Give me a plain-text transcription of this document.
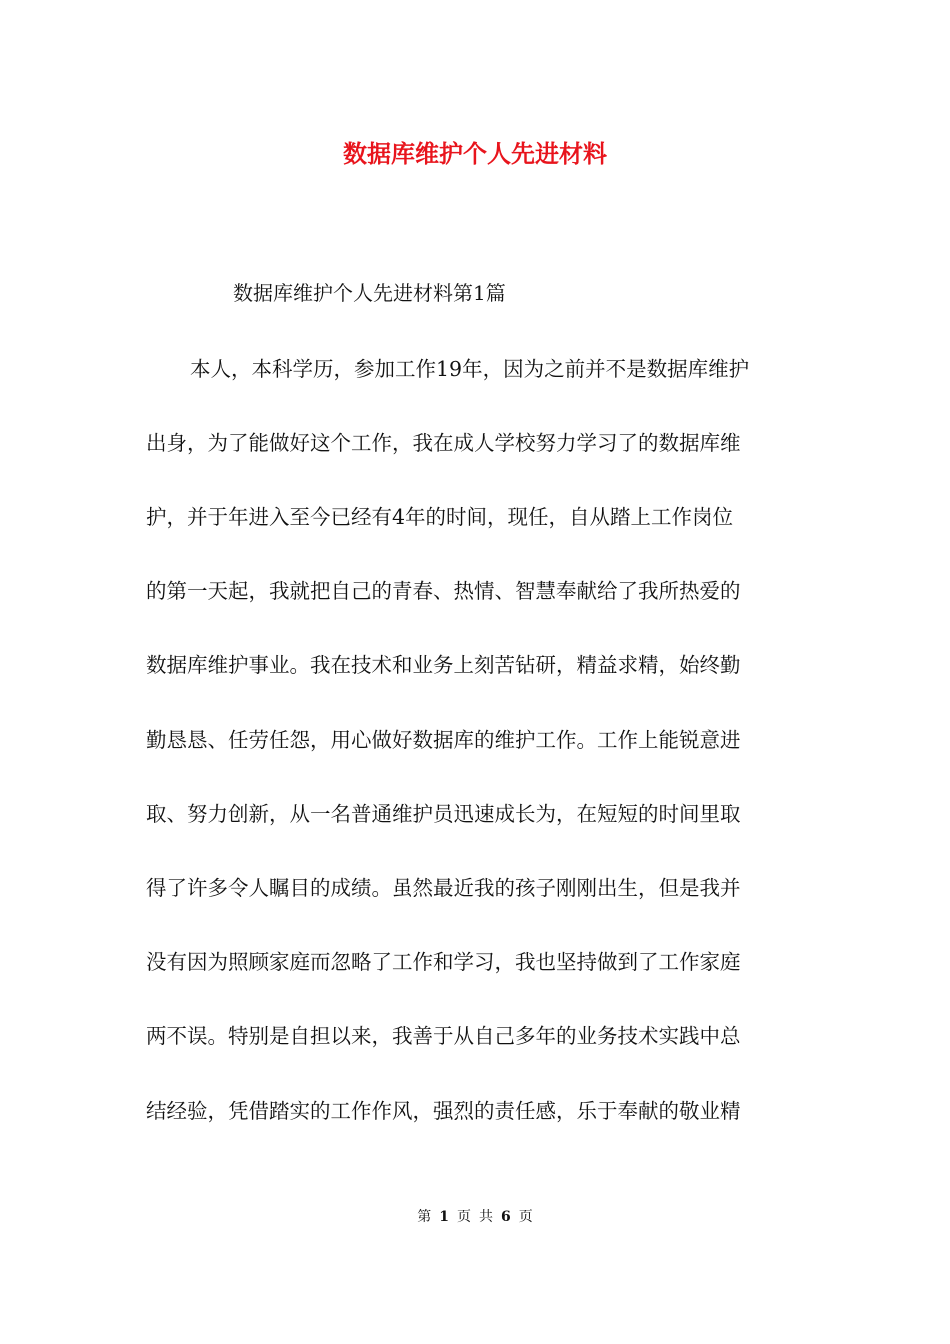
数据库维护个人先进材料
数据库维护个人先进材料第1篇
本人，本科学历，参加工作19年，因为之前并不是数据库维护
出身，为了能做好这个工作，我在成人学校努力学习了的数据库维
护，并于年进入至今已经有4年的时间，现任，自从踏上工作岗位
的第一天起，我就把自己的青春、热情、智慧奉献给了我所热爱的
数据库维护事业。我在技术和业务上刻苦钻研，精益求精，始终勤
勤恳恳、任劳任怨，用心做好数据库的维护工作。工作上能锐意进
取、努力创新，从一名普通维护员迅速成长为，在短短的时间里取
得了许多令人瞩目的成绩。虽然最近我的孩子刚刚出生，但是我并
没有因为照顾家庭而忽略了工作和学习，我也坚持做到了工作家庭
两不误。特别是自担以来，我善于从自己多年的业务技术实践中总
结经验，凭借踏实的工作作风，强烈的责任感，乐于奉献的敬业精
第 1 页 共 6 页
